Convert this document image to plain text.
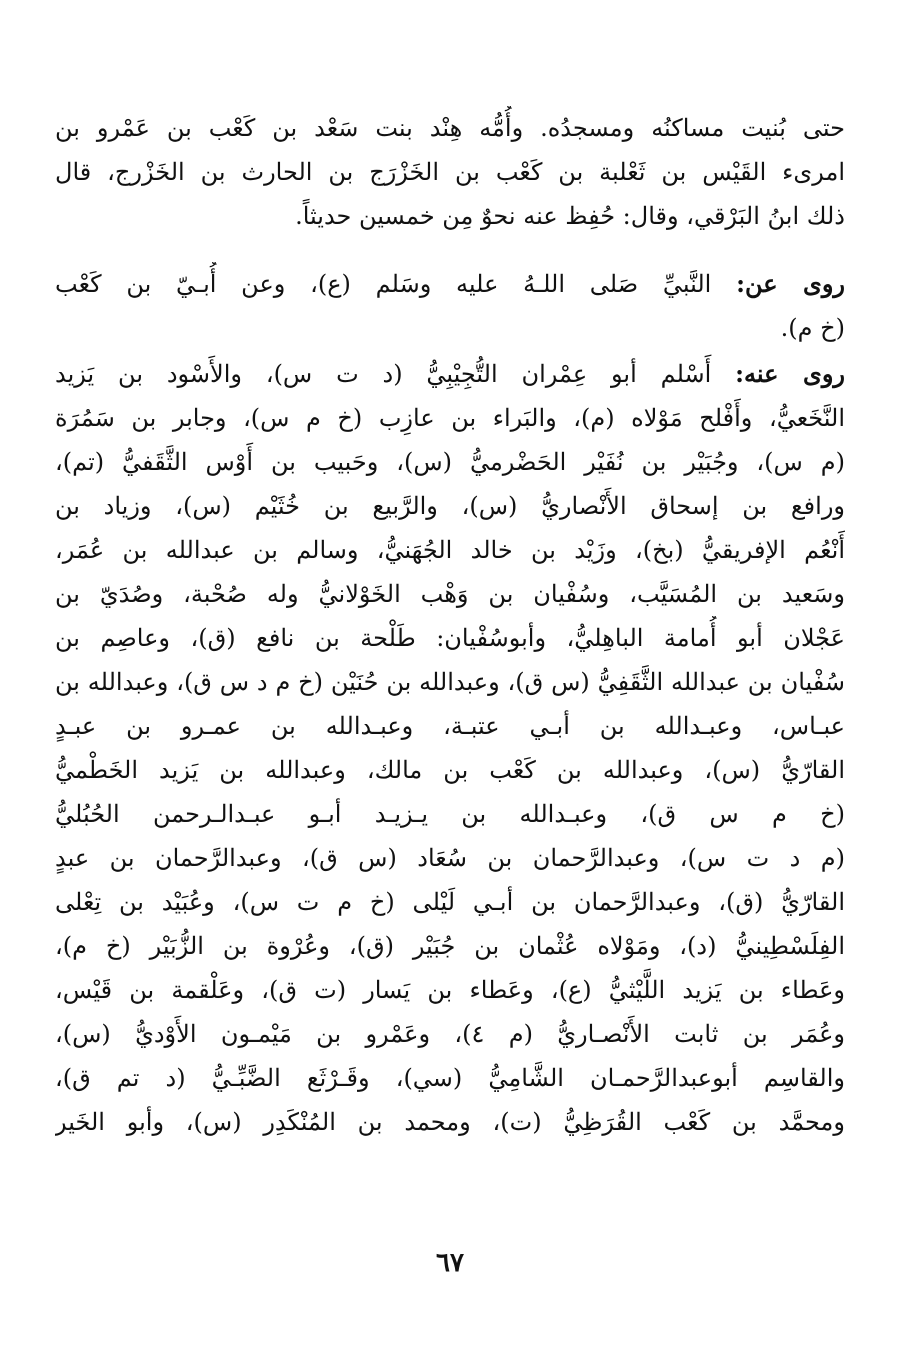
حتى بُنيت مساكنُه ومسجدُه. وأُمُّه هِنْد بنت سَعْد بن كَعْب بن عَمْرو بن
امرىء القَيْس بن ثَعْلبة بن كَعْب بن الخَزْرَج بن الحارث بن الخَزْرج، قال
ذلك ابنُ البَرْقي، وقال: حُفِظ عنه نحوٌ مِن خمسين حديثاً.
روى عن: النَّبيِّ صَلى اللـهُ عليه وسَلم (ع)، وعن أُبـيّ بن كَعْب
(خ م).
روى عنه: أَسْلم أبو عِمْران التُّجِيْبِيُّ (د ت س)، والأَسْود بن يَزيد
النَّخَعيُّ، وأَفْلح مَوْلاه (م)، والبَراء بن عازِب (خ م س)، وجابر بن سَمُرَة
(م س)، وجُبَيْر بن نُفَيْر الحَضْرميُّ (س)، وحَبيب بن أَوْس الثَّقَفيُّ (تم)،
ورافع بن إسحاق الأَنْصاريُّ (س)، والرَّبيع بن خُثَيْم (س)، وزياد بن
أَنْعُم الإفريقيُّ (بخ)، وزَيْد بن خالد الجُهَنيُّ، وسالم بن عبدالله بن عُمَر،
وسَعيد بن المُسَيَّب، وسُفْيان بن وَهْب الخَوْلانيُّ وله صُحْبة، وصُدَيّ بن
عَجْلان أبو أُمامة الباهِليُّ، وأبوسُفْيان: طَلْحة بن نافع (ق)، وعاصِم بن
سُفْيان بن عبدالله الثَّقَفِيُّ (س ق)، وعبدالله بن حُنَيْن (خ م د س ق)، وعبدالله بن
عبـاس، وعبـدالله بن أبـي عتبـة، وعبـدالله بن عمـرو بن عبـدٍ
القارّيُّ (س)، وعبدالله بن كَعْب بن مالك، وعبدالله بن يَزيد الخَطْميُّ
(خ م س ق)، وعبـدالله بن يـزيـد أبـو عبـدالـرحمن الحُبُليُّ
(م د ت س)، وعبدالرَّحمان بن سُعَاد (س ق)، وعبدالرَّحمان بن عبدٍ
القارّيُّ (ق)، وعبدالرَّحمان بن أبـي لَيْلى (خ م ت س)، وعُبَيْد بن تِعْلى
الفِلَسْطِينيُّ (د)، ومَوْلاه عُثْمان بن جُبَيْر (ق)، وعُرْوة بن الزُّبَيْر (خ م)،
وعَطاء بن يَزيد اللَّيْثيُّ (ع)، وعَطاء بن يَسار (ت ق)، وعَلْقمة بن قَيْس،
وعُمَر بن ثابت الأَنْصـاريُّ (م ٤)، وعَمْرو بن مَيْمـون الأَوْديُّ (س)،
والقاسِم أبوعبدالرَّحمـان الشَّامِيُّ (سي)، وقَـرْثَع الضَّبِّـيُّ (د تم ق)،
ومحمَّد بن كَعْب القُرَظِيُّ (ت)، ومحمد بن المُنْكَدِر (س)، وأبو الخَير
٦٧
